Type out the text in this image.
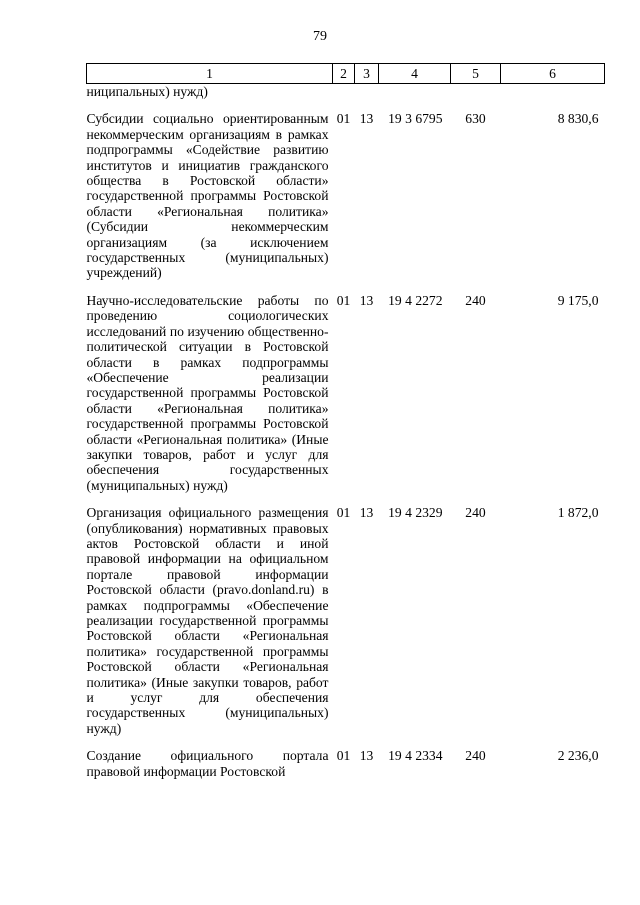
79
1	2	3	4	5	6
ниципальных) нужд)					

Субсидии социально ориентированным некоммерческим организациям в рамках подпрограммы «Содействие развитию институтов и инициатив гражданского общества в Ростовской области» государственной программы Ростовской области «Региональная политика» (Субсидии некоммерческим организациям (за исключением государственных (муниципальных) учреждений)	01	13	19 3 6795	630	8 830,6

Научно-исследовательские работы по проведению социологических исследований по изучению общественно-политической ситуации в Ростовской области в рамках подпрограммы «Обеспечение реализации государственной программы Ростовской области «Региональная политика» государственной программы Ростовской области «Региональная политика» (Иные закупки товаров, работ и услуг для обеспечения государственных (муниципальных) нужд)	01	13	19 4 2272	240	9 175,0

Организация официального размещения (опубликования) нормативных правовых актов Ростовской области и иной правовой информации на официальном портале правовой информации Ростовской области (pravo.donland.ru) в рамках подпрограммы «Обеспечение реализации государственной программы Ростовской области «Региональная политика» государственной программы Ростовской области «Региональная политика» (Иные закупки товаров, работ и услуг для обеспечения государственных (муниципальных) нужд)	01	13	19 4 2329	240	1 872,0

Создание официального портала правовой информации Ростовской	01	13	19 4 2334	240	2 236,0
